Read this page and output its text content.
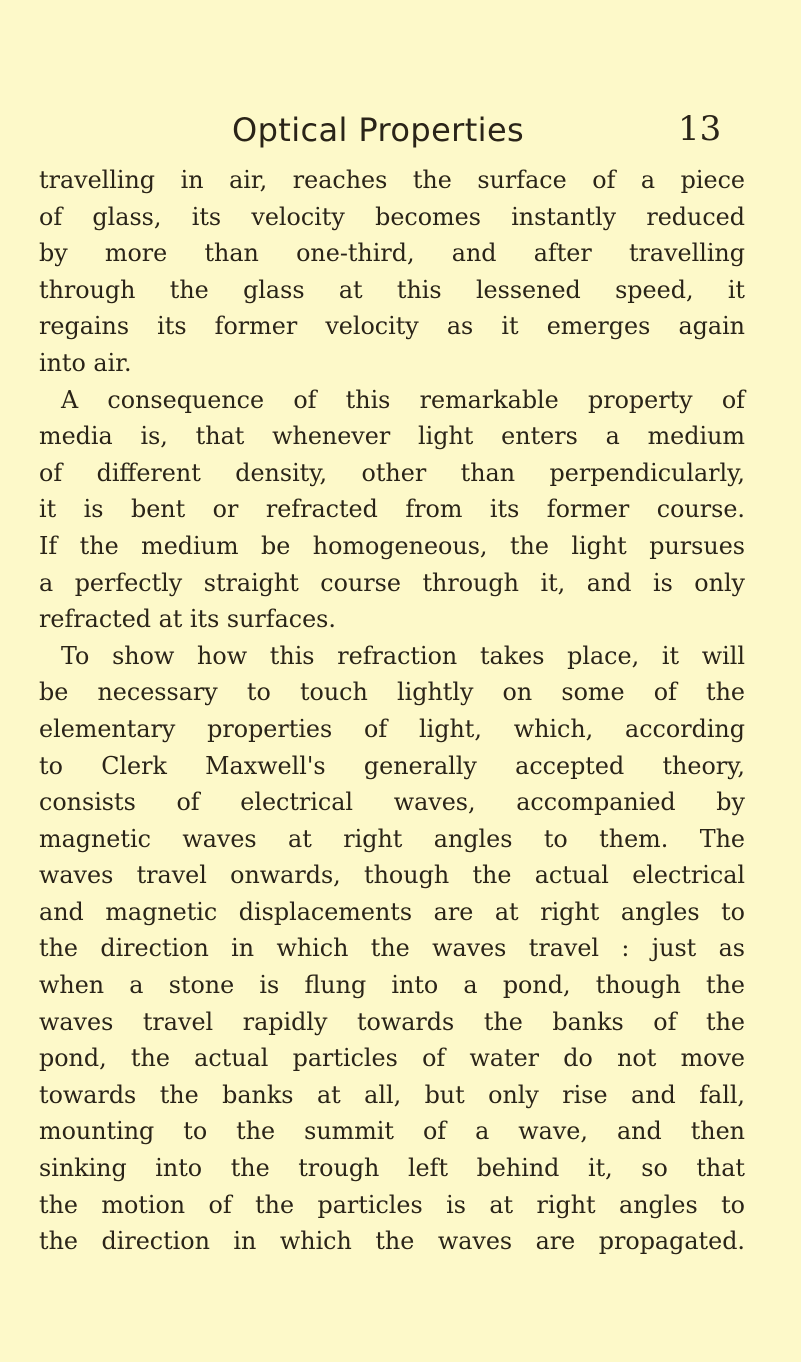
Optical Properties	13
travelling in air, reaches the surface of a piece
of glass, its velocity becomes instantly reduced
by more than one-third, and after travelling
through the glass at this lessened speed, it
regains its former velocity as it emerges again
into air.
A consequence of this remarkable property of
media is, that whenever light enters a medium
of different density, other than perpendicularly,
it is bent or refracted from its former course.
If the medium be homogeneous, the light pursues
a perfectly straight course through it, and is only
refracted at its surfaces.
To show how this refraction takes place, it will
be necessary to touch lightly on some of the
elementary properties of light, which, according
to Clerk Maxwell's generally accepted theory,
consists of electrical waves, accompanied by
magnetic waves at right angles to them. The
waves travel onwards, though the actual electrical
and magnetic displacements are at right angles to
the direction in which the waves travel : just as
when a stone is flung into a pond, though the
waves travel rapidly towards the banks of the
pond, the actual particles of water do not move
towards the banks at all, but only rise and fall,
mounting to the summit of a wave, and then
sinking into the trough left behind it, so that
the motion of the particles is at right angles to
the direction in which the waves are propagated.
